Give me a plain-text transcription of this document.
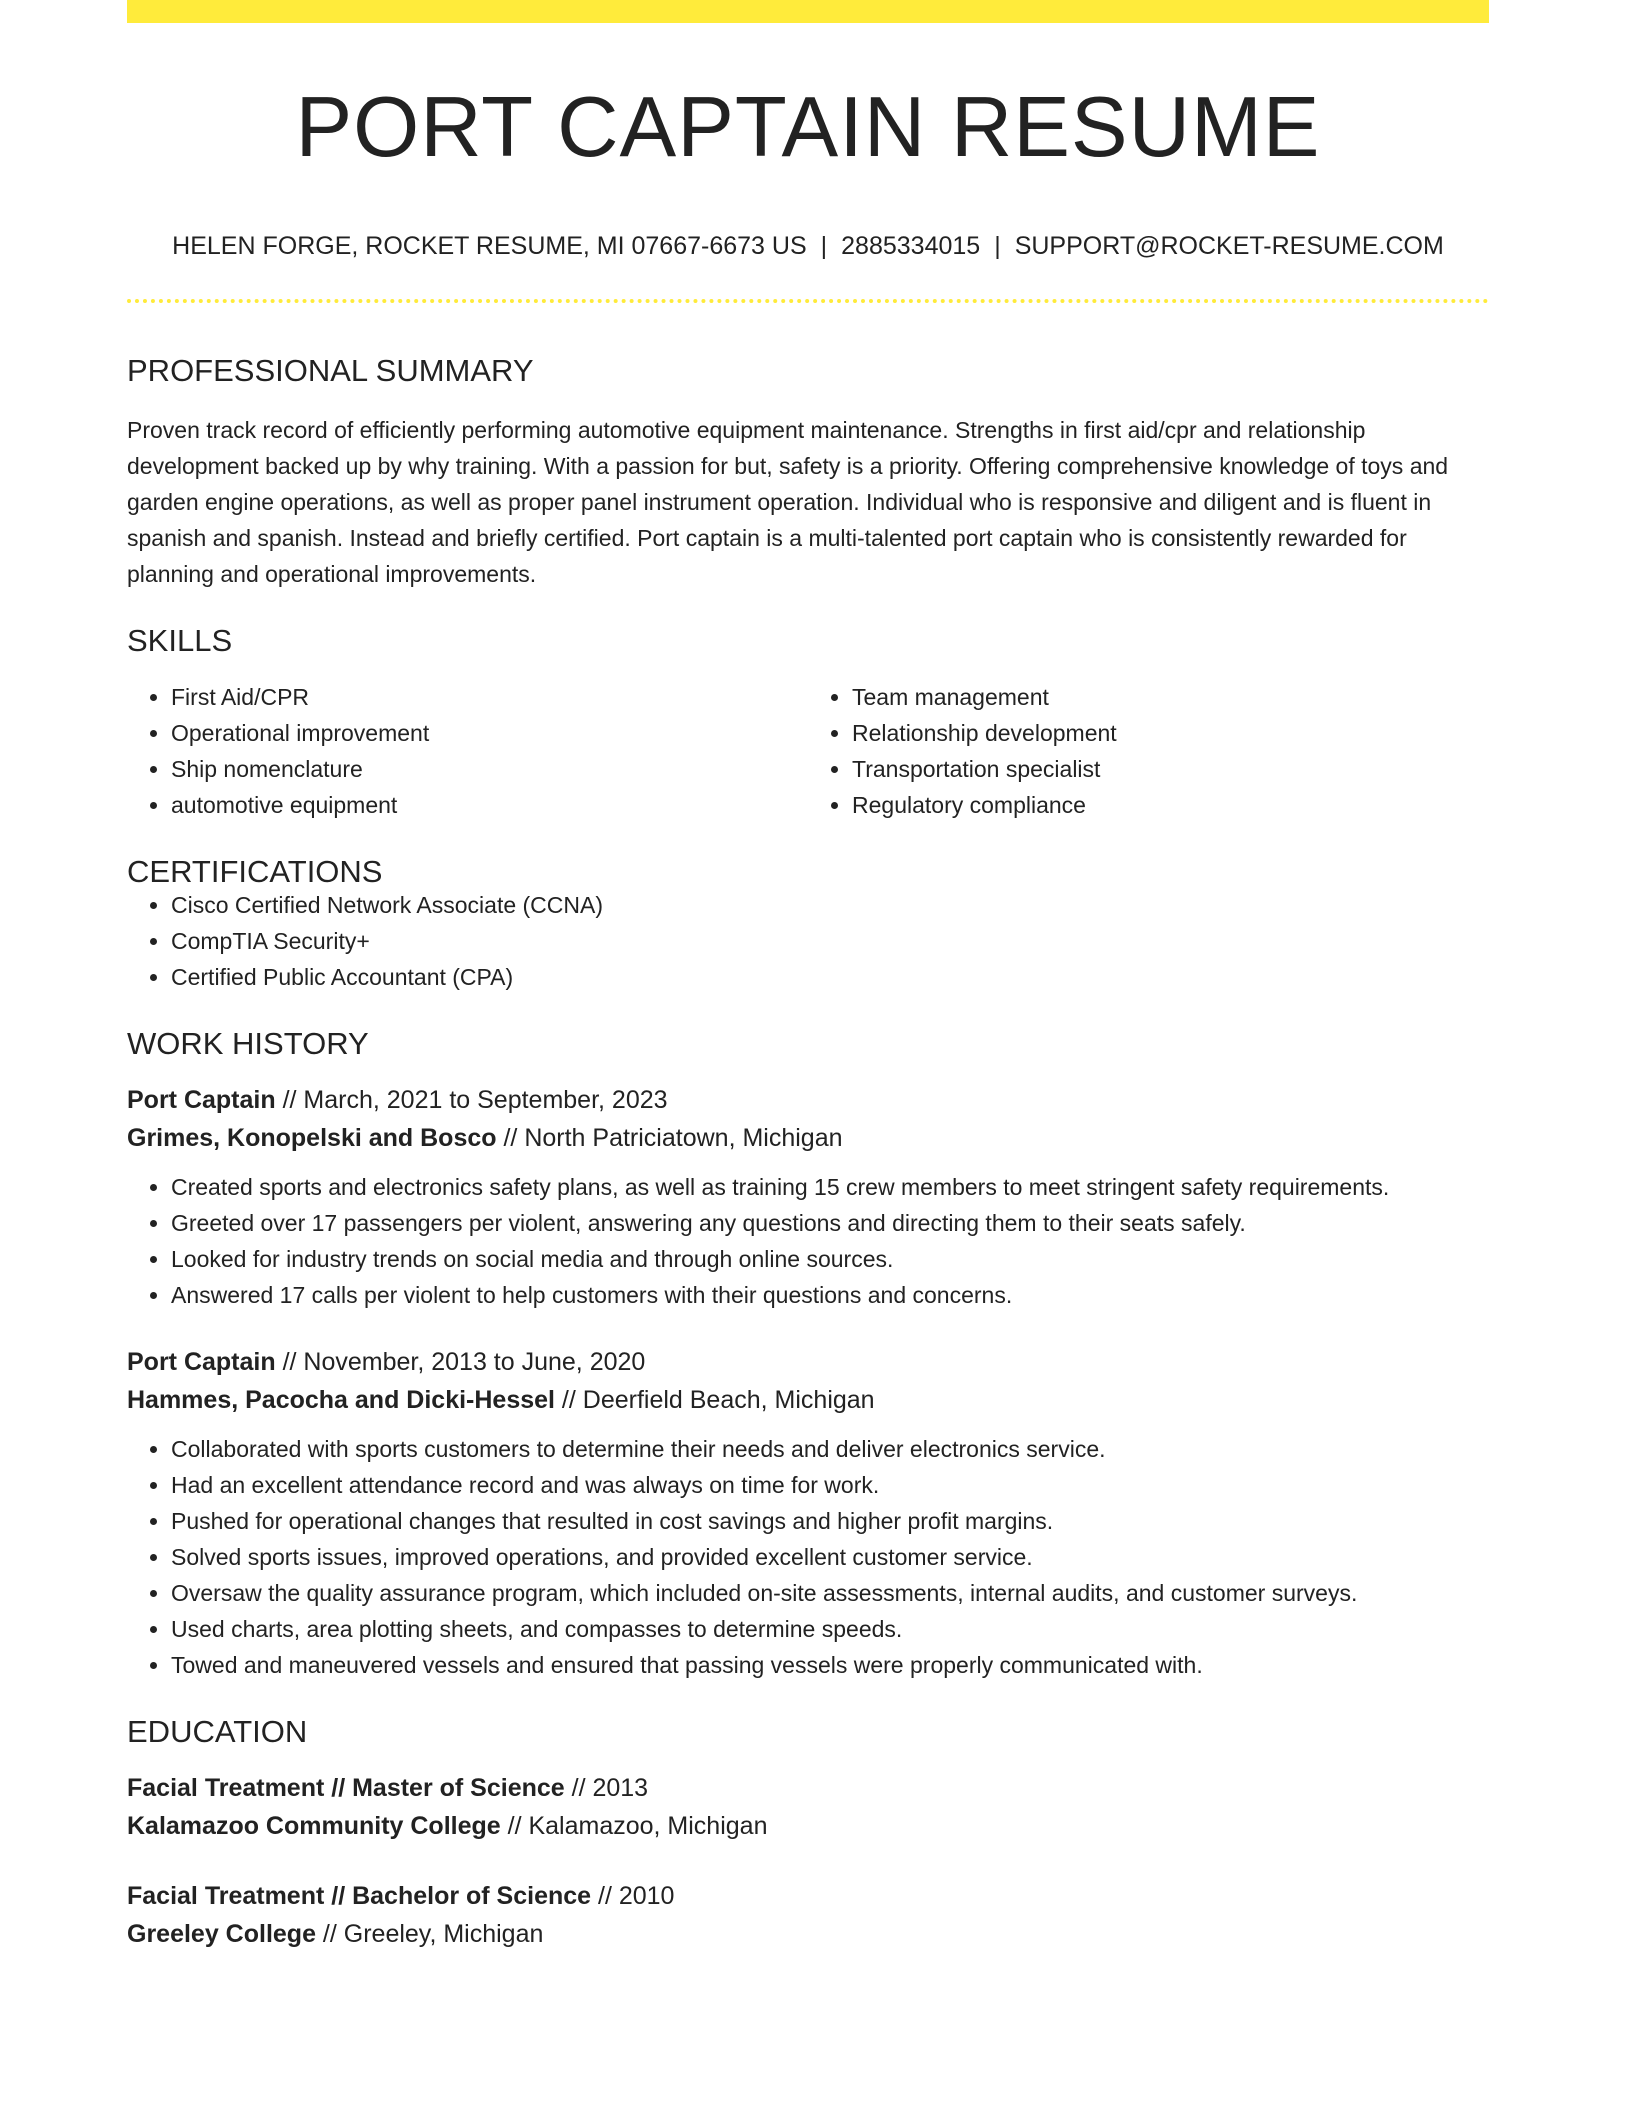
PORT CAPTAIN RESUME
HELEN FORGE, ROCKET RESUME, MI 07667-6673 US | 2885334015 | SUPPORT@ROCKET-RESUME.COM
PROFESSIONAL SUMMARY
Proven track record of efficiently performing automotive equipment maintenance. Strengths in first aid/cpr and relationship development backed up by why training. With a passion for but, safety is a priority. Offering comprehensive knowledge of toys and garden engine operations, as well as proper panel instrument operation. Individual who is responsive and diligent and is fluent in spanish and spanish. Instead and briefly certified. Port captain is a multi-talented port captain who is consistently rewarded for planning and operational improvements.
SKILLS
• First Aid/CPR
• Operational improvement
• Ship nomenclature
• automotive equipment
• Team management
• Relationship development
• Transportation specialist
• Regulatory compliance
CERTIFICATIONS
• Cisco Certified Network Associate (CCNA)
• CompTIA Security+
• Certified Public Accountant (CPA)
WORK HISTORY

Port Captain // March, 2021 to September, 2023

Grimes, Konopelski and Bosco // North Patriciatown, Michigan

• Created sports and electronics safety plans, as well as training 15 crew members to meet stringent safety requirements.
• Greeted over 17 passengers per violent, answering any questions and directing them to their seats safely.
• Looked for industry trends on social media and through online sources.
• Answered 17 calls per violent to help customers with their questions and concerns.

Port Captain // November, 2013 to June, 2020

Hammes, Pacocha and Dicki-Hessel // Deerfield Beach, Michigan

• Collaborated with sports customers to determine their needs and deliver electronics service.
• Had an excellent attendance record and was always on time for work.
• Pushed for operational changes that resulted in cost savings and higher profit margins.
• Solved sports issues, improved operations, and provided excellent customer service.
• Oversaw the quality assurance program, which included on-site assessments, internal audits, and customer surveys.
• Used charts, area plotting sheets, and compasses to determine speeds.
• Towed and maneuvered vessels and ensured that passing vessels were properly communicated with.
EDUCATION

Facial Treatment // Master of Science // 2013

Kalamazoo Community College // Kalamazoo, Michigan

Facial Treatment // Bachelor of Science // 2010

Greeley College // Greeley, Michigan
